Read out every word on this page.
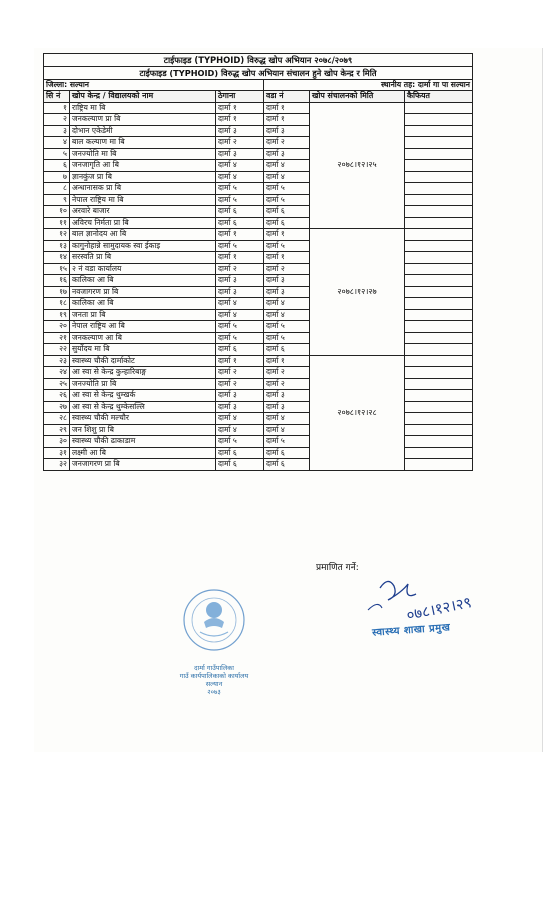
टाईफाइड (TYPHOID) विरुद्ध खोप अभियान २०७८/२०७९					
टाईफाइड (TYPHOID) विरुद्ध खोप अभियान संचालन हुने खोप केन्द्र र मिति					
जिल्ला: सल्यान			स्थानीय तह: दार्मा गा पा सल्यान		
सि नं	खोप केन्द्र / विद्यालयको नाम	ठेगाना	वडा नं	खोप संचालनको मिति	कैफियत
१	राष्ट्रिय मा बि	दार्मा १	दार्मा १	२०७८।१२।२५	
२	जनकल्याण प्रा बि	दार्मा १	दार्मा १		
३	दोभान एकेडेमी	दार्मा ३	दार्मा ३		
४	बाल कल्याण मा बि	दार्मा २	दार्मा २		
५	जनज्योति मा बि	दार्मा ३	दार्मा ३		
६	जनजागृति आ बि	दार्मा ४	दार्मा ४		
७	ज्ञानकुंज प्रा बि	दार्मा ४	दार्मा ४		
८	अन्धानासक प्रा बि	दार्मा ५	दार्मा ५		
९	नेपाल राष्ट्रिय मा बि	दार्मा ५	दार्मा ५		
१०	अरवारे बाजार	दार्मा ६	दार्मा ६		
११	अविरच निर्मता प्रा बि	दार्मा ६	दार्मा ६		
१२	बाल ज्ञानोदय आ बि	दार्मा १	दार्मा १	२०७८।१२।२७	
१३	कागुनोहान्ने सामुदायक स्वा ईकाइ	दार्मा ५	दार्मा ५		
१४	सरस्वति प्रा बि	दार्मा १	दार्मा १		
१५	२ नं वडा कार्यालय	दार्मा २	दार्मा २		
१६	कालिका आ बि	दार्मा ३	दार्मा ३		
१७	नवजागरण प्रा बि	दार्मा ३	दार्मा ३		
१८	कालिका आ बि	दार्मा ४	दार्मा ४		
१९	जनता प्रा बि	दार्मा ४	दार्मा ४		
२०	नेपाल राष्ट्रिय आ बि	दार्मा ५	दार्मा ५		
२१	जनकल्याण आ बि	दार्मा ५	दार्मा ५		
२२	सुर्योदय मा बि	दार्मा ६	दार्मा ६		
२३	स्वास्थ्य चौकी दार्माकोट	दार्मा १	दार्मा १	२०७८।१२।२८	
२४	आ स्वा से केन्द्र कुन्हारिबाङ्ग	दार्मा २	दार्मा २		
२५	जनज्योति प्रा बि	दार्मा २	दार्मा २		
२६	आ स्वा से केन्द्र थुम्खर्क	दार्मा ३	दार्मा ३		
२७	आ स्वा से केन्द्र थुम्केसल्लि	दार्मा ३	दार्मा ३		
२८	स्वास्थ्य चौकी मल्चौर	दार्मा ४	दार्मा ४		
२९	जन शिशु प्रा बि	दार्मा ४	दार्मा ४		
३०	स्वास्थ्य चौकी ढाकाडाम	दार्मा ५	दार्मा ५		
३१	लक्ष्मी आ बि	दार्मा ६	दार्मा ६		
३२	जनजागरण प्रा बि	दार्मा ६	दार्मा ६		
प्रमाणित गर्ने:
दार्मा गाउँपालिका
गाउँ कार्यपालिकाको कार्यालय
सल्यान
२०७३
०७८।१२।२९
स्वास्थ्य शाखा प्रमुख
